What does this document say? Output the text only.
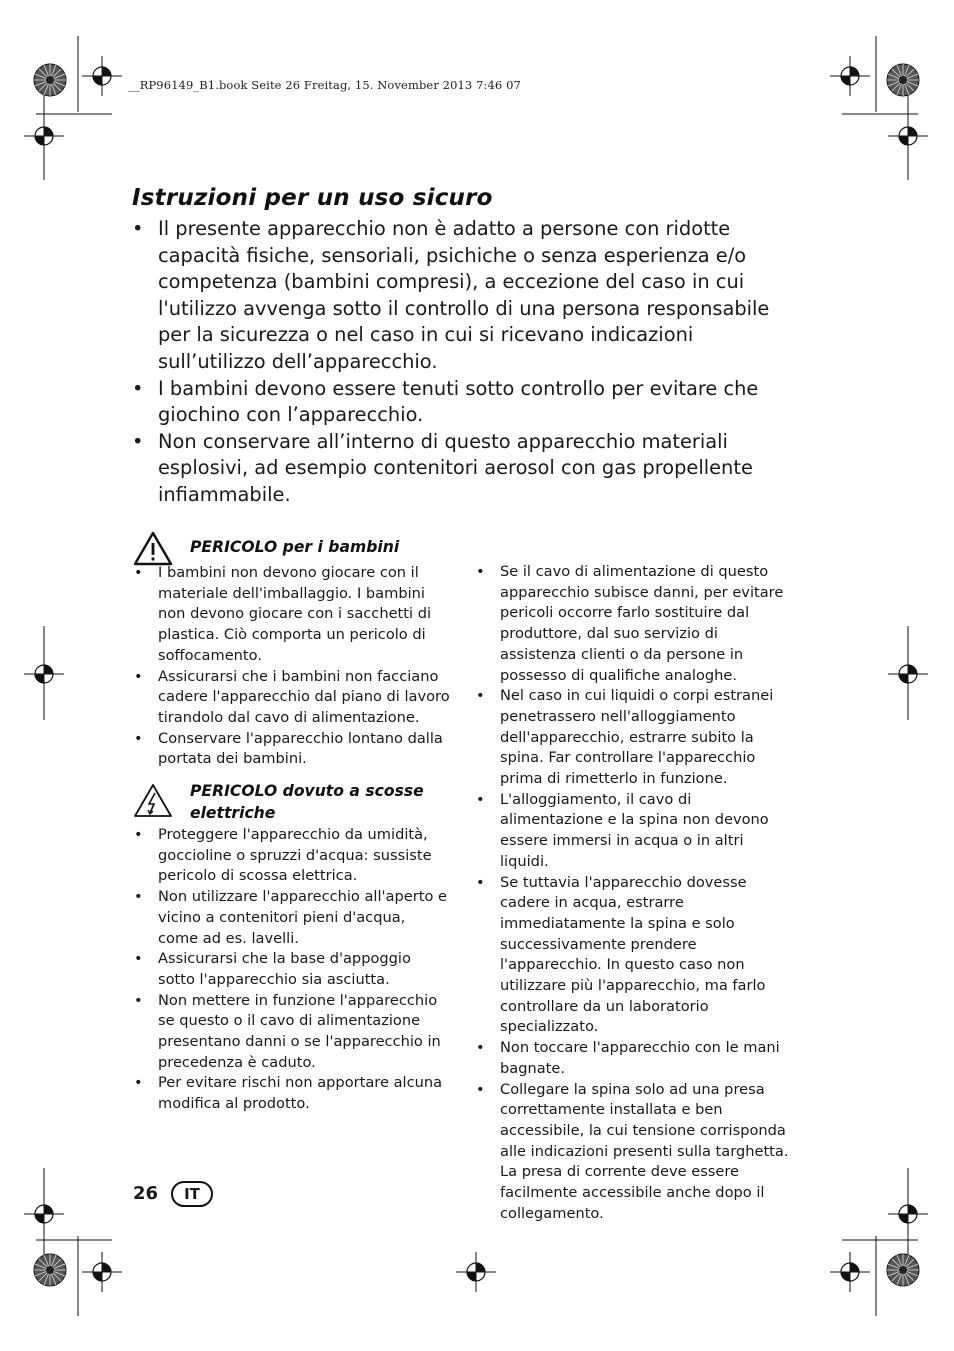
__RP96149_B1.book Seite 26 Freitag, 15. November 2013 7:46 07
Istruzioni per un uso sicuro
• Il presente apparecchio non è adatto a persone con ridotte capacità fisiche, sensoriali, psichiche o senza esperienza e/o competenza (bambini compresi), a eccezione del caso in cui l'utilizzo avvenga sotto il controllo di una persona responsabile per la sicurezza o nel caso in cui si ricevano indicazioni sull’utilizzo dell’apparecchio.
• I bambini devono essere tenuti sotto controllo per evitare che giochino con l’apparecchio.
• Non conservare all’interno di questo apparecchio materiali esplosivi, ad esempio contenitori aerosol con gas propellente infiammabile.
PERICOLO per i bambini
• I bambini non devono giocare con il materiale dell'imballaggio. I bambini non devono giocare con i sacchetti di plastica. Ciò comporta un pericolo di soffocamento.
• Assicurarsi che i bambini non facciano cadere l'apparecchio dal piano di lavoro tirandolo dal cavo di alimentazione.
• Conservare l'apparecchio lontano dalla portata dei bambini.
PERICOLO dovuto a scosse elettriche
• Proteggere l'apparecchio da umidità, goccioline o spruzzi d'acqua: sussiste pericolo di scossa elettrica.
• Non utilizzare l'apparecchio all'aperto e vicino a contenitori pieni d'acqua, come ad es. lavelli.
• Assicurarsi che la base d'appoggio sotto l'apparecchio sia asciutta.
• Non mettere in funzione l'apparecchio se questo o il cavo di alimentazione presentano danni o se l'apparecchio in precedenza è caduto.
• Per evitare rischi non apportare alcuna modifica al prodotto.
• Se il cavo di alimentazione di questo apparecchio subisce danni, per evitare pericoli occorre farlo sostituire dal produttore, dal suo servizio di assistenza clienti o da persone in possesso di qualifiche analoghe.
• Nel caso in cui liquidi o corpi estranei penetrassero nell'alloggiamento dell'apparecchio, estrarre subito la spina. Far controllare l'apparecchio prima di rimetterlo in funzione.
• L'alloggiamento, il cavo di alimentazione e la spina non devono essere immersi in acqua o in altri liquidi.
• Se tuttavia l'apparecchio dovesse cadere in acqua, estrarre immediatamente la spina e solo successivamente prendere l'apparecchio. In questo caso non utilizzare più l'apparecchio, ma farlo controllare da un laboratorio specializzato.
• Non toccare l'apparecchio con le mani bagnate.
• Collegare la spina solo ad una presa correttamente installata e ben accessibile, la cui tensione corrisponda alle indicazioni presenti sulla targhetta. La presa di corrente deve essere facilmente accessibile anche dopo il collegamento.
26	IT
